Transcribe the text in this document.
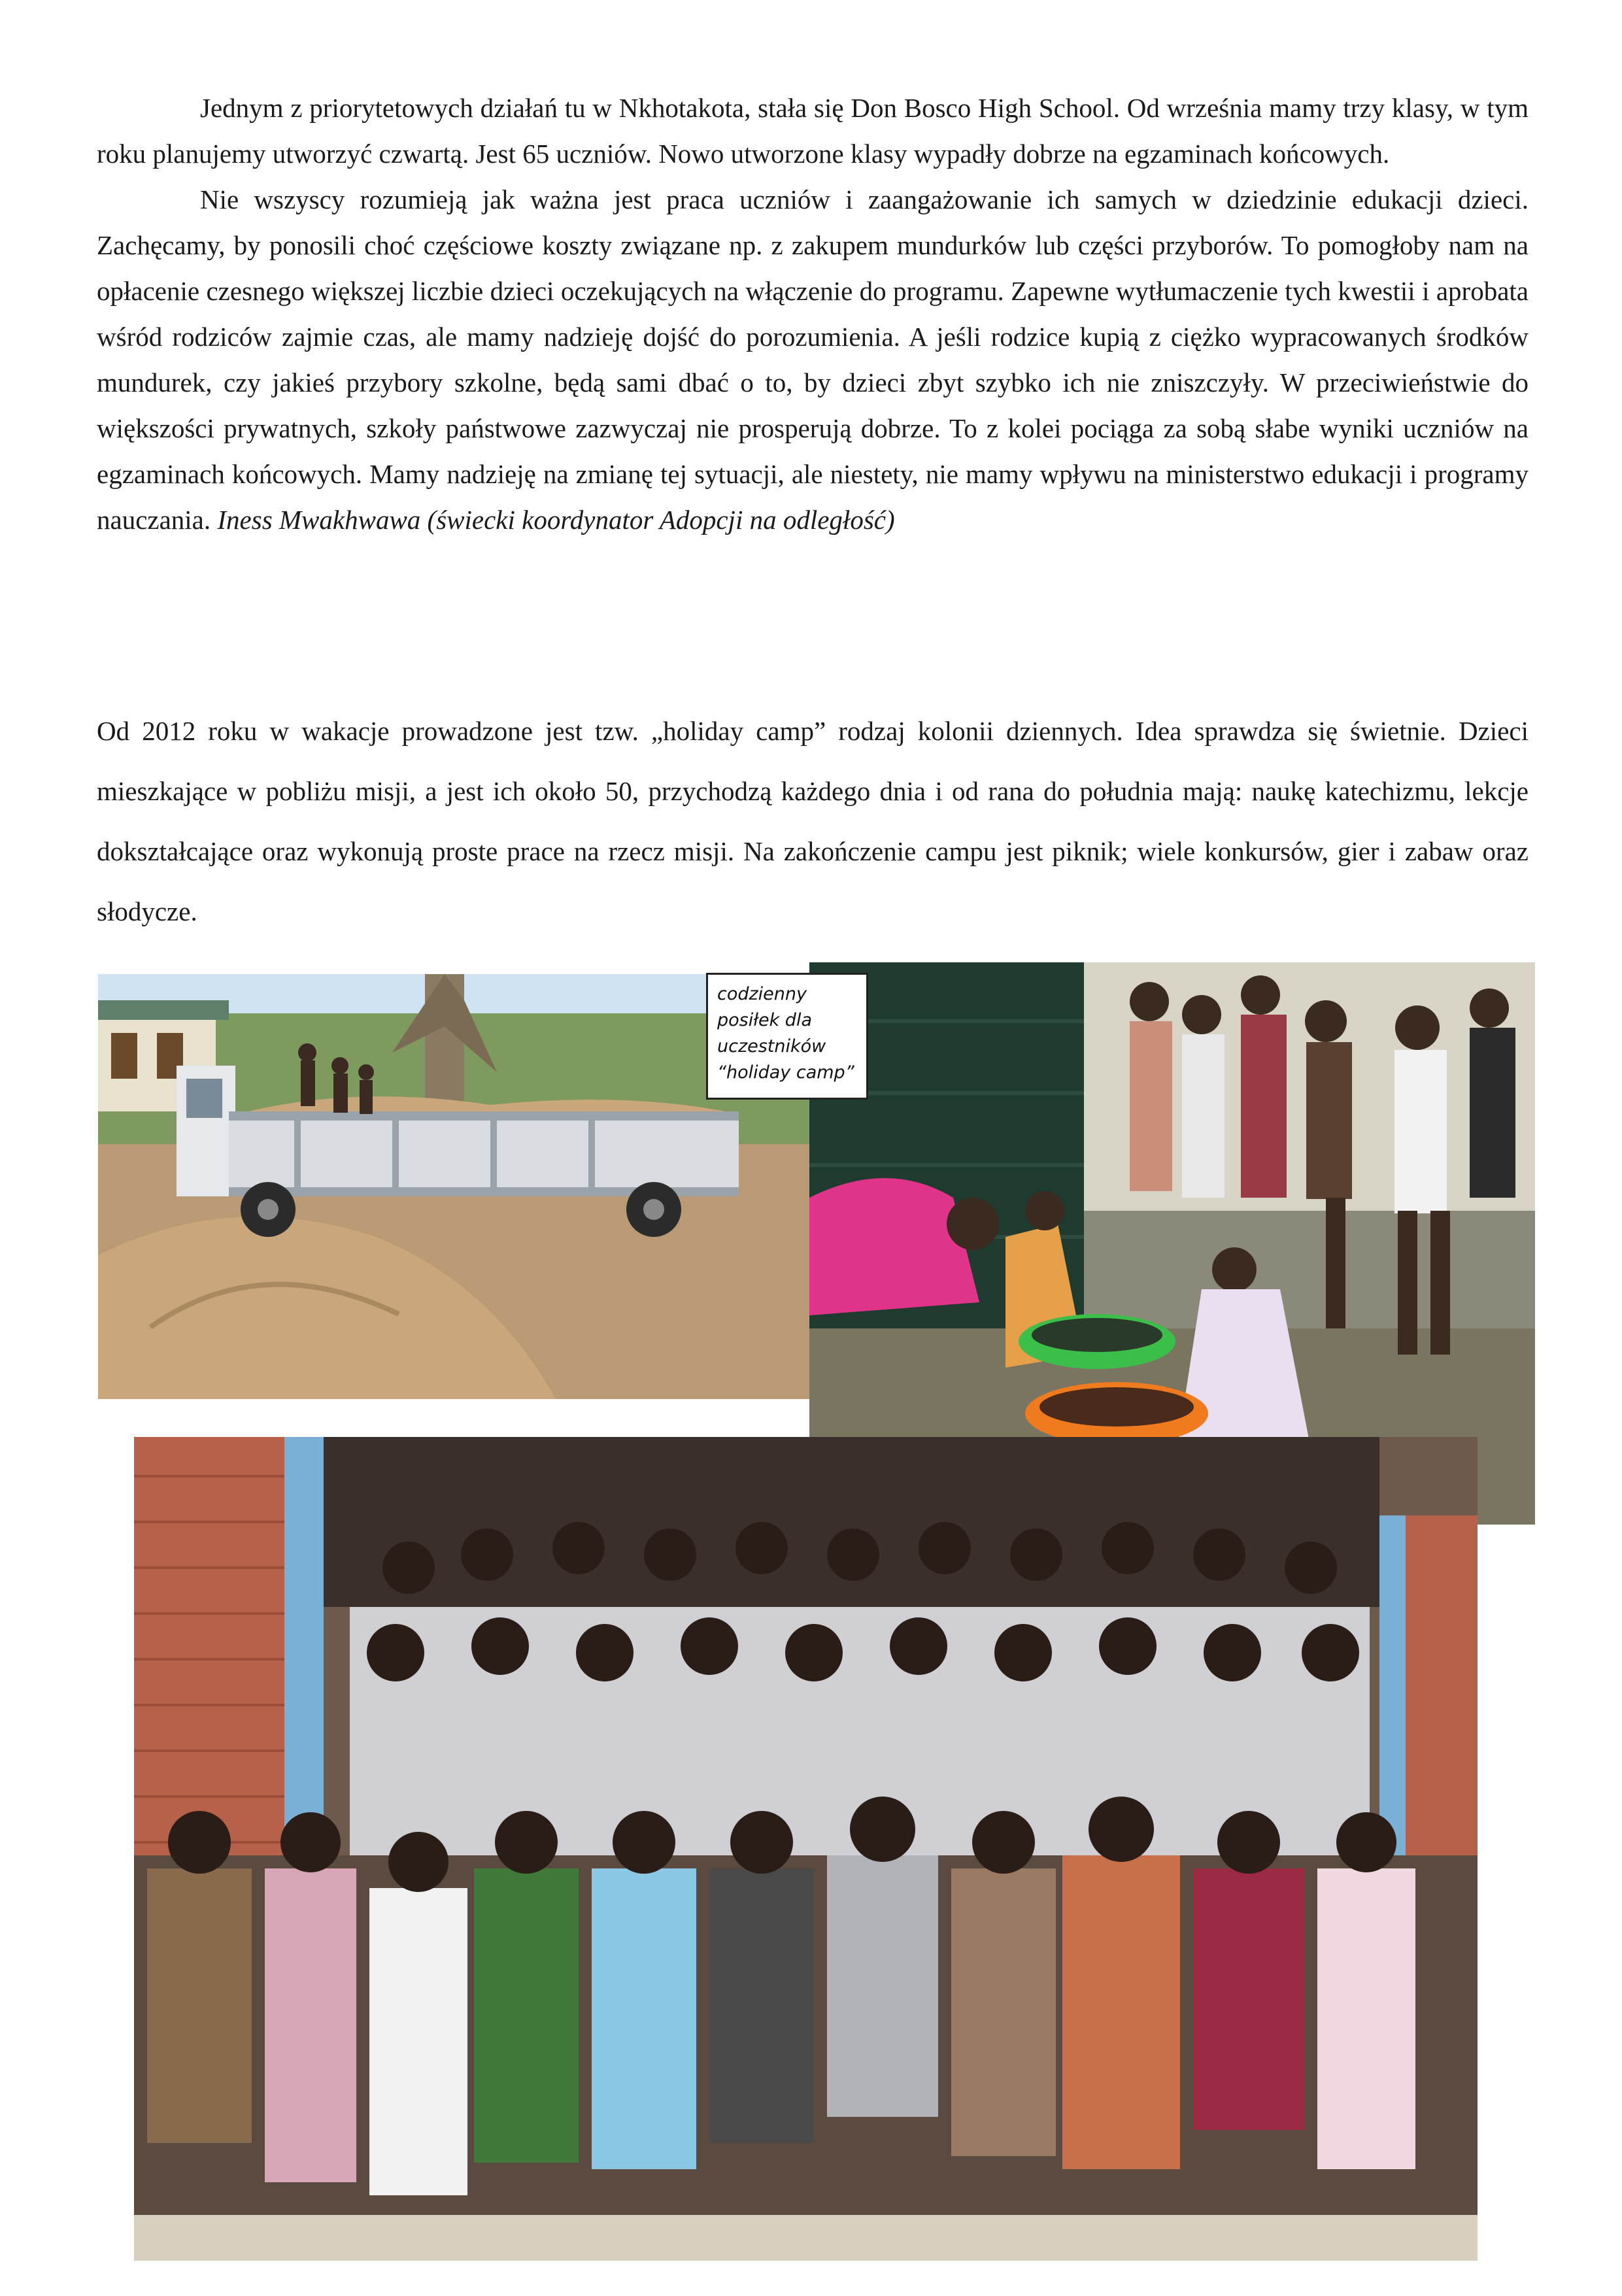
Jednym z priorytetowych działań tu w Nkhotakota, stała się Don Bosco High School. Od września mamy trzy klasy, w tym roku planujemy utworzyć czwartą. Jest 65 uczniów. Nowo utworzone klasy wypadły dobrze na egzaminach końcowych.

Nie wszyscy rozumieją jak ważna jest praca uczniów i zaangażowanie ich samych w dziedzinie edukacji dzieci. Zachęcamy, by ponosili choć częściowe koszty związane np. z zakupem mundurków lub części przyborów. To pomogłoby nam na opłacenie czesnego większej liczbie dzieci oczekujących na włączenie do programu. Zapewne wytłumaczenie tych kwestii i aprobata wśród rodziców zajmie czas, ale mamy nadzieję dojść do porozumienia. A jeśli rodzice kupią z ciężko wypracowanych środków mundurek, czy jakieś przybory szkolne, będą sami dbać o to, by dzieci zbyt szybko ich nie zniszczyły. W przeciwieństwie do większości prywatnych, szkoły państwowe zazwyczaj nie prosperują dobrze. To z kolei pociąga za sobą słabe wyniki uczniów na egzaminach końcowych. Mamy nadzieję na zmianę tej sytuacji, ale niestety, nie mamy wpływu na ministerstwo edukacji i programy nauczania. Iness Mwakhwawa (świecki koordynator Adopcji na odległość)

Od 2012 roku w wakacje prowadzone jest tzw. „holiday camp” rodzaj kolonii dziennych. Idea sprawdza się świetnie. Dzieci mieszkające w pobliżu misji, a jest ich około 50, przychodzą każdego dnia i od rana do południa mają: naukę katechizmu, lekcje dokształcające oraz wykonują proste prace na rzecz misji. Na zakończenie campu jest piknik; wiele konkursów, gier i zabaw oraz słodycze.

codzienny
posiłek dla
uczestników
“holiday camp”
